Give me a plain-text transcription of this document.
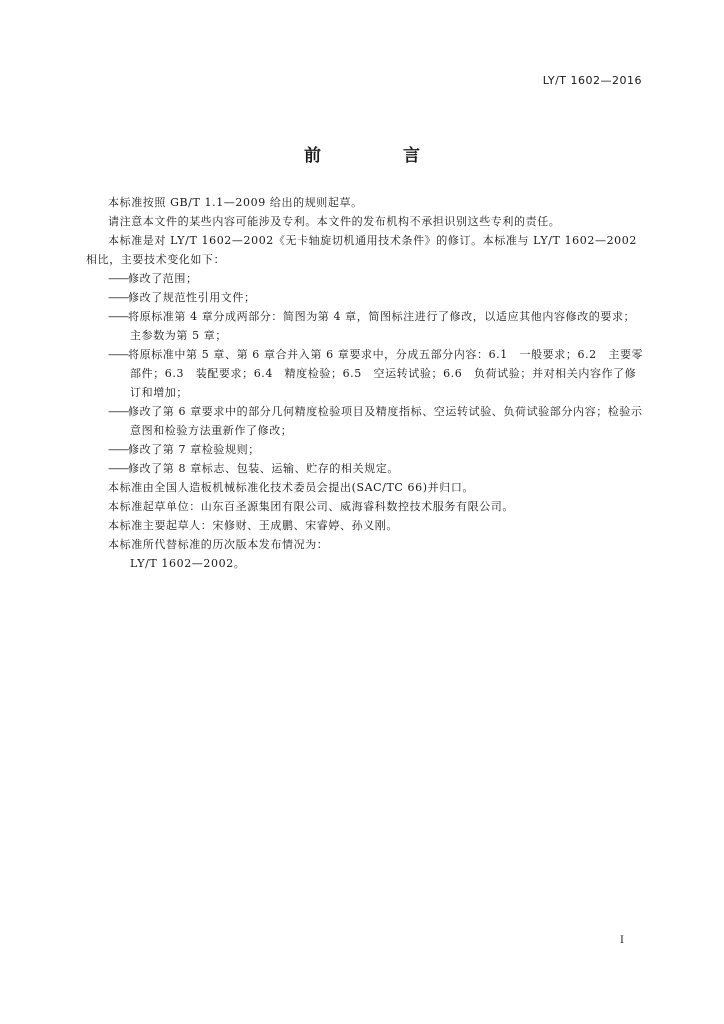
LY/T 1602—2016
前 言

本标准按照 GB/T 1.1—2009 给出的规则起草。

请注意本文件的某些内容可能涉及专利。本文件的发布机构不承担识别这些专利的责任。

本标准是对 LY/T 1602—2002《无卡轴旋切机通用技术条件》的修订。本标准与 LY/T 1602—2002 相比，主要技术变化如下：

——修改了范围；

——修改了规范性引用文件；

——将原标准第 4 章分成两部分：简图为第 4 章，简图标注进行了修改，以适应其他内容修改的要求；主参数为第 5 章；

——将原标准中第 5 章、第 6 章合并入第 6 章要求中，分成五部分内容：6.1　一般要求；6.2　主要零部件；6.3　装配要求；6.4　精度检验；6.5　空运转试验；6.6　负荷试验；并对相关内容作了修订和增加；

——修改了第 6 章要求中的部分几何精度检验项目及精度指标、空运转试验、负荷试验部分内容；检验示意图和检验方法重新作了修改；

——修改了第 7 章检验规则；

——修改了第 8 章标志、包装、运输、贮存的相关规定。

本标准由全国人造板机械标准化技术委员会提出(SAC/TC 66)并归口。

本标准起草单位：山东百圣源集团有限公司、威海睿科数控技术服务有限公司。

本标准主要起草人：宋修财、王成鹏、宋睿婷、孙义刚。

本标准所代替标准的历次版本发布情况为：

LY/T 1602—2002。

I
